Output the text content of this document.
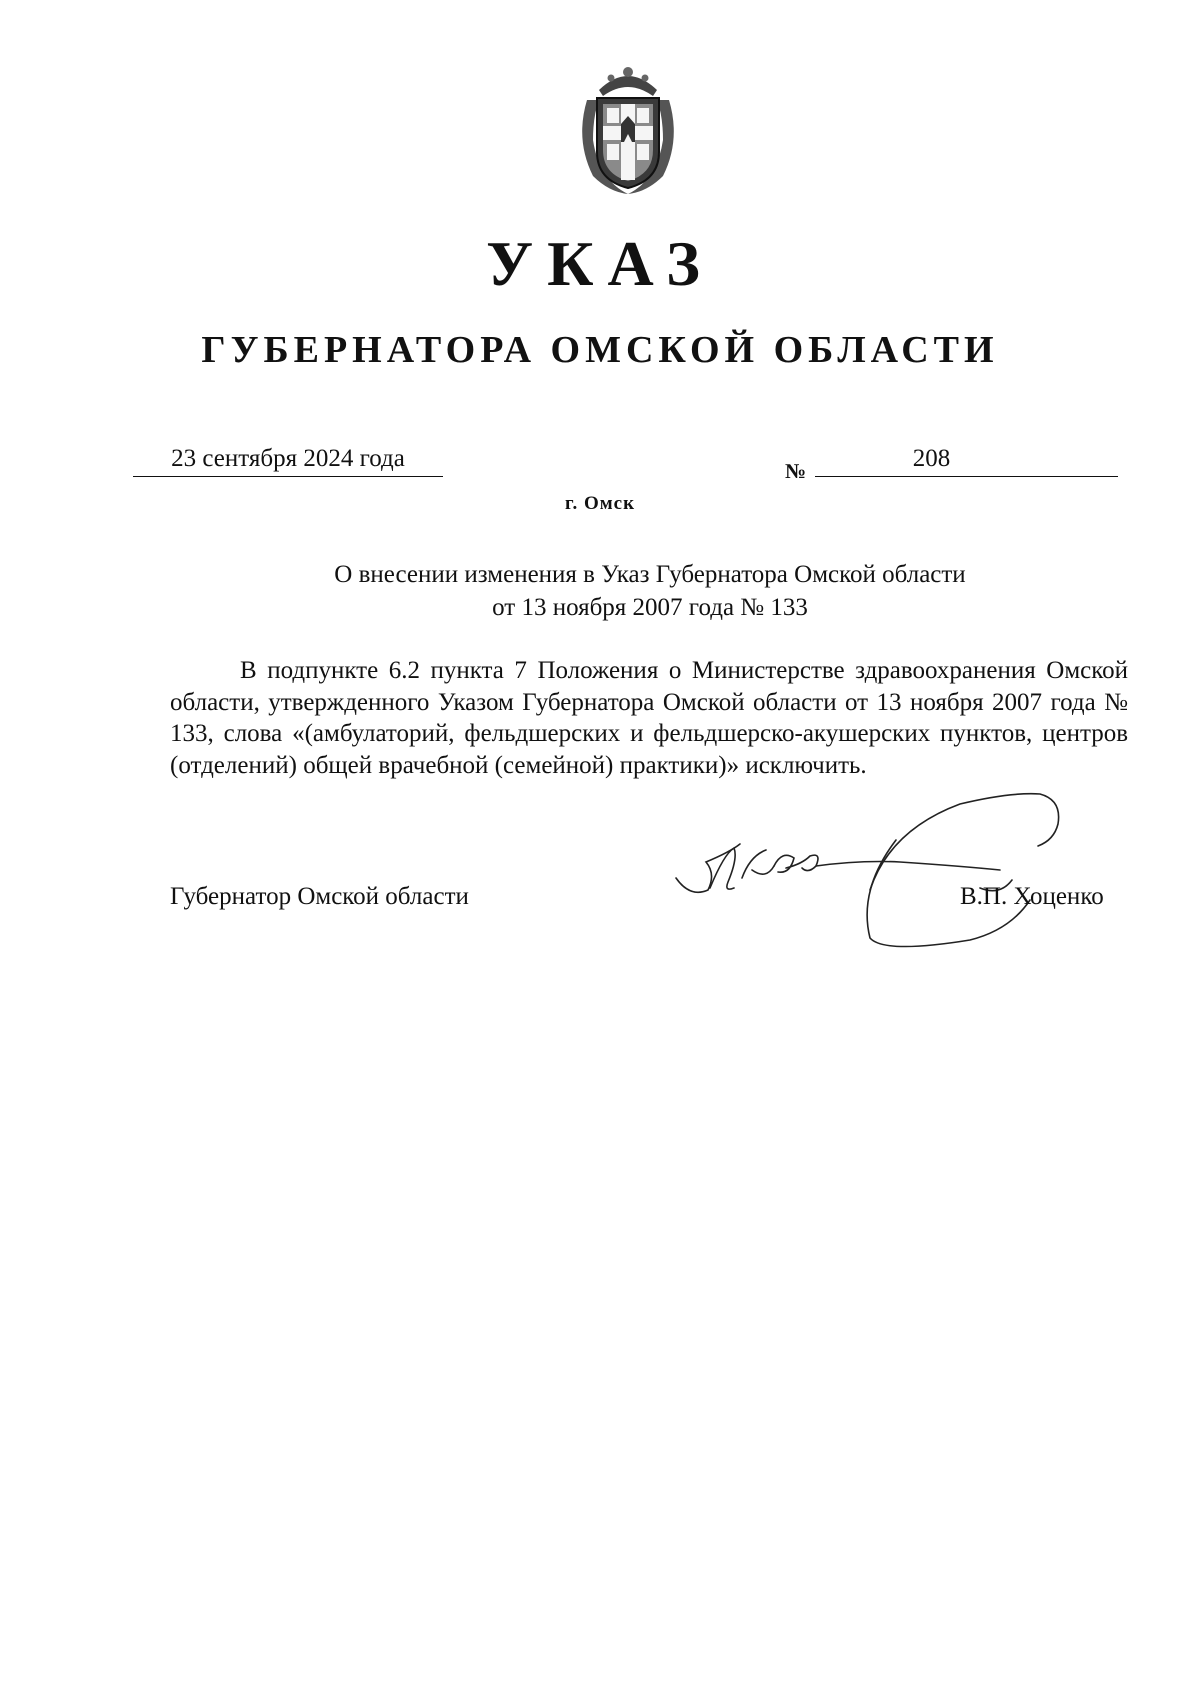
УКАЗ
ГУБЕРНАТОРА ОМСКОЙ ОБЛАСТИ
23 сентября 2024 года	№	208
г. Омск
О внесении изменения в Указ Губернатора Омской области
от 13 ноября 2007 года № 133

В подпункте 6.2 пункта 7 Положения о Министерстве здравоохранения Омской области, утвержденного Указом Губернатора Омской области от 13 ноября 2007 года № 133, слова «(амбулаторий, фельдшерских и фельдшерско-акушерских пунктов, центров (отделений) общей врачебной (семейной) практики)» исключить.

Губернатор Омской области	В.П. Хоценко
